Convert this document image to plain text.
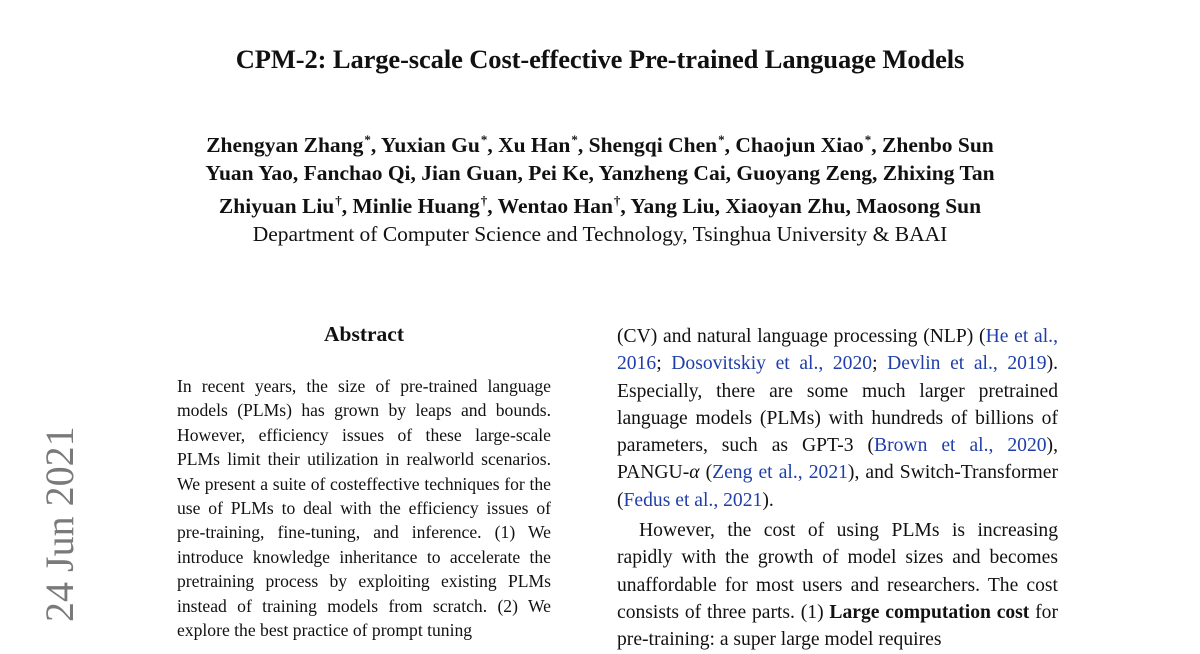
CPM-2: Large-scale Cost-effective Pre-trained Language Models
Zhengyan Zhang*, Yuxian Gu*, Xu Han*, Shengqi Chen*, Chaojun Xiao*, Zhenbo Sun
Yuan Yao, Fanchao Qi, Jian Guan, Pei Ke, Yanzheng Cai, Guoyang Zeng, Zhixing Tan
Zhiyuan Liu†, Minlie Huang†, Wentao Han†, Yang Liu, Xiaoyan Zhu, Maosong Sun
Department of Computer Science and Technology, Tsinghua University & BAAI
24 Jun 2021
Abstract

In recent years, the size of pre-trained language models (PLMs) has grown by leaps and bounds. However, efficiency issues of these large-scale PLMs limit their utilization in realworld scenarios. We present a suite of costeffective techniques for the use of PLMs to deal with the efficiency issues of pre-training, fine-tuning, and inference. (1) We introduce knowledge inheritance to accelerate the pretraining process by exploiting existing PLMs instead of training models from scratch. (2) We explore the best practice of prompt tuning

(CV) and natural language processing (NLP) (He et al., 2016; Dosovitskiy et al., 2020; Devlin et al., 2019). Especially, there are some much larger pretrained language models (PLMs) with hundreds of billions of parameters, such as GPT-3 (Brown et al., 2020), PANGU-α (Zeng et al., 2021), and Switch-Transformer (Fedus et al., 2021).

However, the cost of using PLMs is increasing rapidly with the growth of model sizes and becomes unaffordable for most users and researchers. The cost consists of three parts. (1) Large computation cost for pre-training: a super large model requires
